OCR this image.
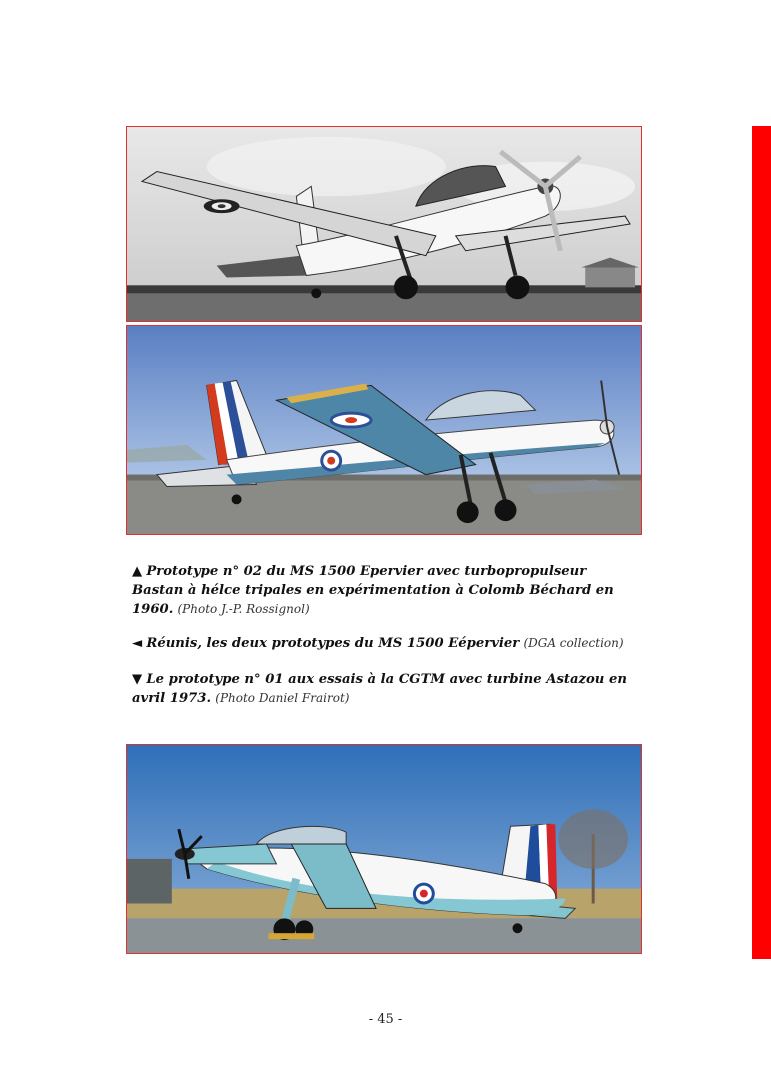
▲ Prototype n° 02 du MS 1500 Epervier avec turbopropulseur Bastan à hélce tripales en expérimentation à Colomb Béchard en 1960. (Photo J.-P. Rossignol)
◄ Réunis, les deux prototypes du MS 1500 Eépervier (DGA collection)
▼ Le prototype n° 01 aux essais à la CGTM avec turbine Astazou en avril 1973. (Photo Daniel Frairot)
- 45 -
